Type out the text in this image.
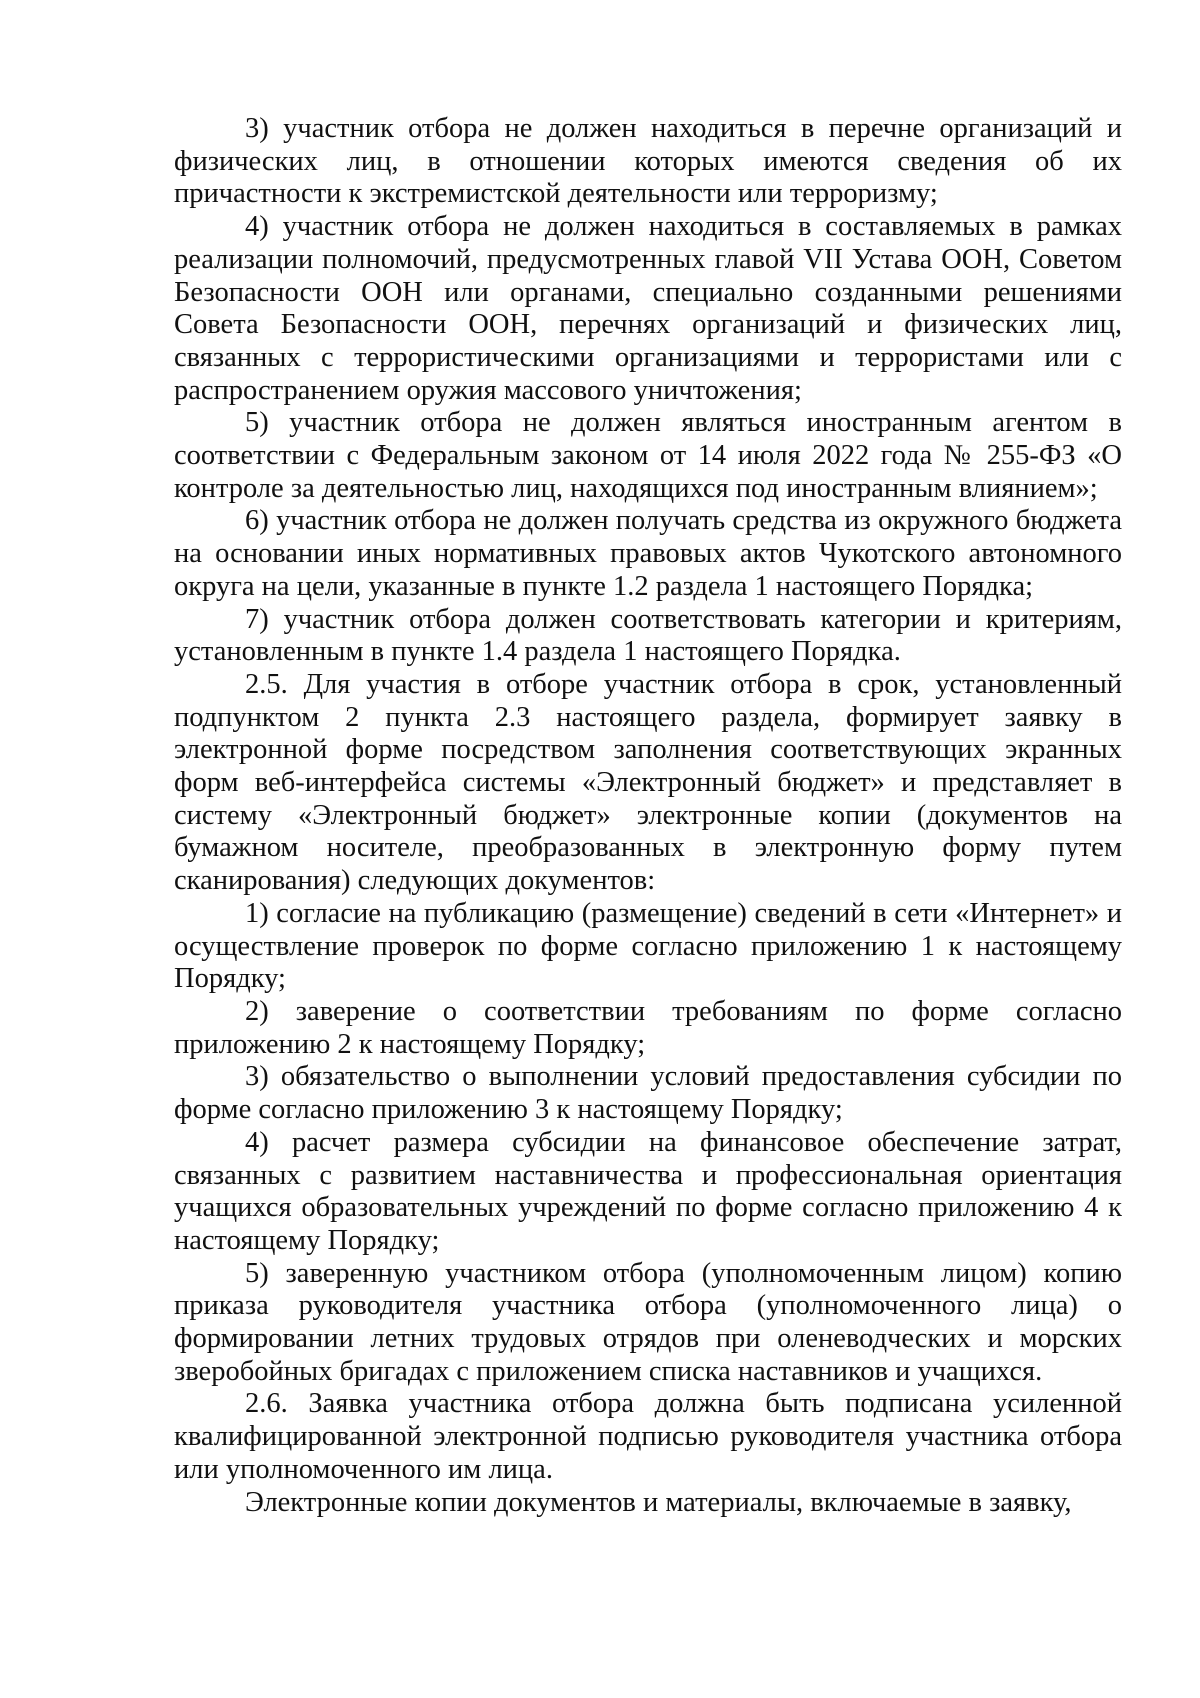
3) участник отбора не должен находиться в перечне организаций и физических лиц, в отношении которых имеются сведения об их причастности к экстремистской деятельности или терроризму;

4) участник отбора не должен находиться в составляемых в рамках реализации полномочий, предусмотренных главой VII Устава ООН, Советом Безопасности ООН или органами, специально созданными решениями Совета Безопасности ООН, перечнях организаций и физических лиц, связанных с террористическими организациями и террористами или с распространением оружия массового уничтожения;

5) участник отбора не должен являться иностранным агентом в соответствии с Федеральным законом от 14 июля 2022 года № 255-ФЗ «О контроле за деятельностью лиц, находящихся под иностранным влиянием»;

6) участник отбора не должен получать средства из окружного бюджета на основании иных нормативных правовых актов Чукотского автономного округа на цели, указанные в пункте 1.2 раздела 1 настоящего Порядка;

7) участник отбора должен соответствовать категории и критериям, установленным в пункте 1.4 раздела 1 настоящего Порядка.

2.5. Для участия в отборе участник отбора в срок, установленный подпунктом 2 пункта 2.3 настоящего раздела, формирует заявку в электронной форме посредством заполнения соответствующих экранных форм веб-интерфейса системы «Электронный бюджет» и представляет в систему «Электронный бюджет» электронные копии (документов на бумажном носителе, преобразованных в электронную форму путем сканирования) следующих документов:

1) согласие на публикацию (размещение) сведений в сети «Интернет» и осуществление проверок по форме согласно приложению 1 к настоящему Порядку;

2) заверение о соответствии требованиям по форме согласно приложению 2 к настоящему Порядку;

3) обязательство о выполнении условий предоставления субсидии по форме согласно приложению 3 к настоящему Порядку;

4) расчет размера субсидии на финансовое обеспечение затрат, связанных с развитием наставничества и профессиональная ориентация учащихся образовательных учреждений по форме согласно приложению 4 к настоящему Порядку;

5) заверенную участником отбора (уполномоченным лицом) копию приказа руководителя участника отбора (уполномоченного лица) о формировании летних трудовых отрядов при оленеводческих и морских зверобойных бригадах с приложением списка наставников и учащихся.

2.6. Заявка участника отбора должна быть подписана усиленной квалифицированной электронной подписью руководителя участника отбора или уполномоченного им лица.

Электронные копии документов и материалы, включаемые в заявку,
